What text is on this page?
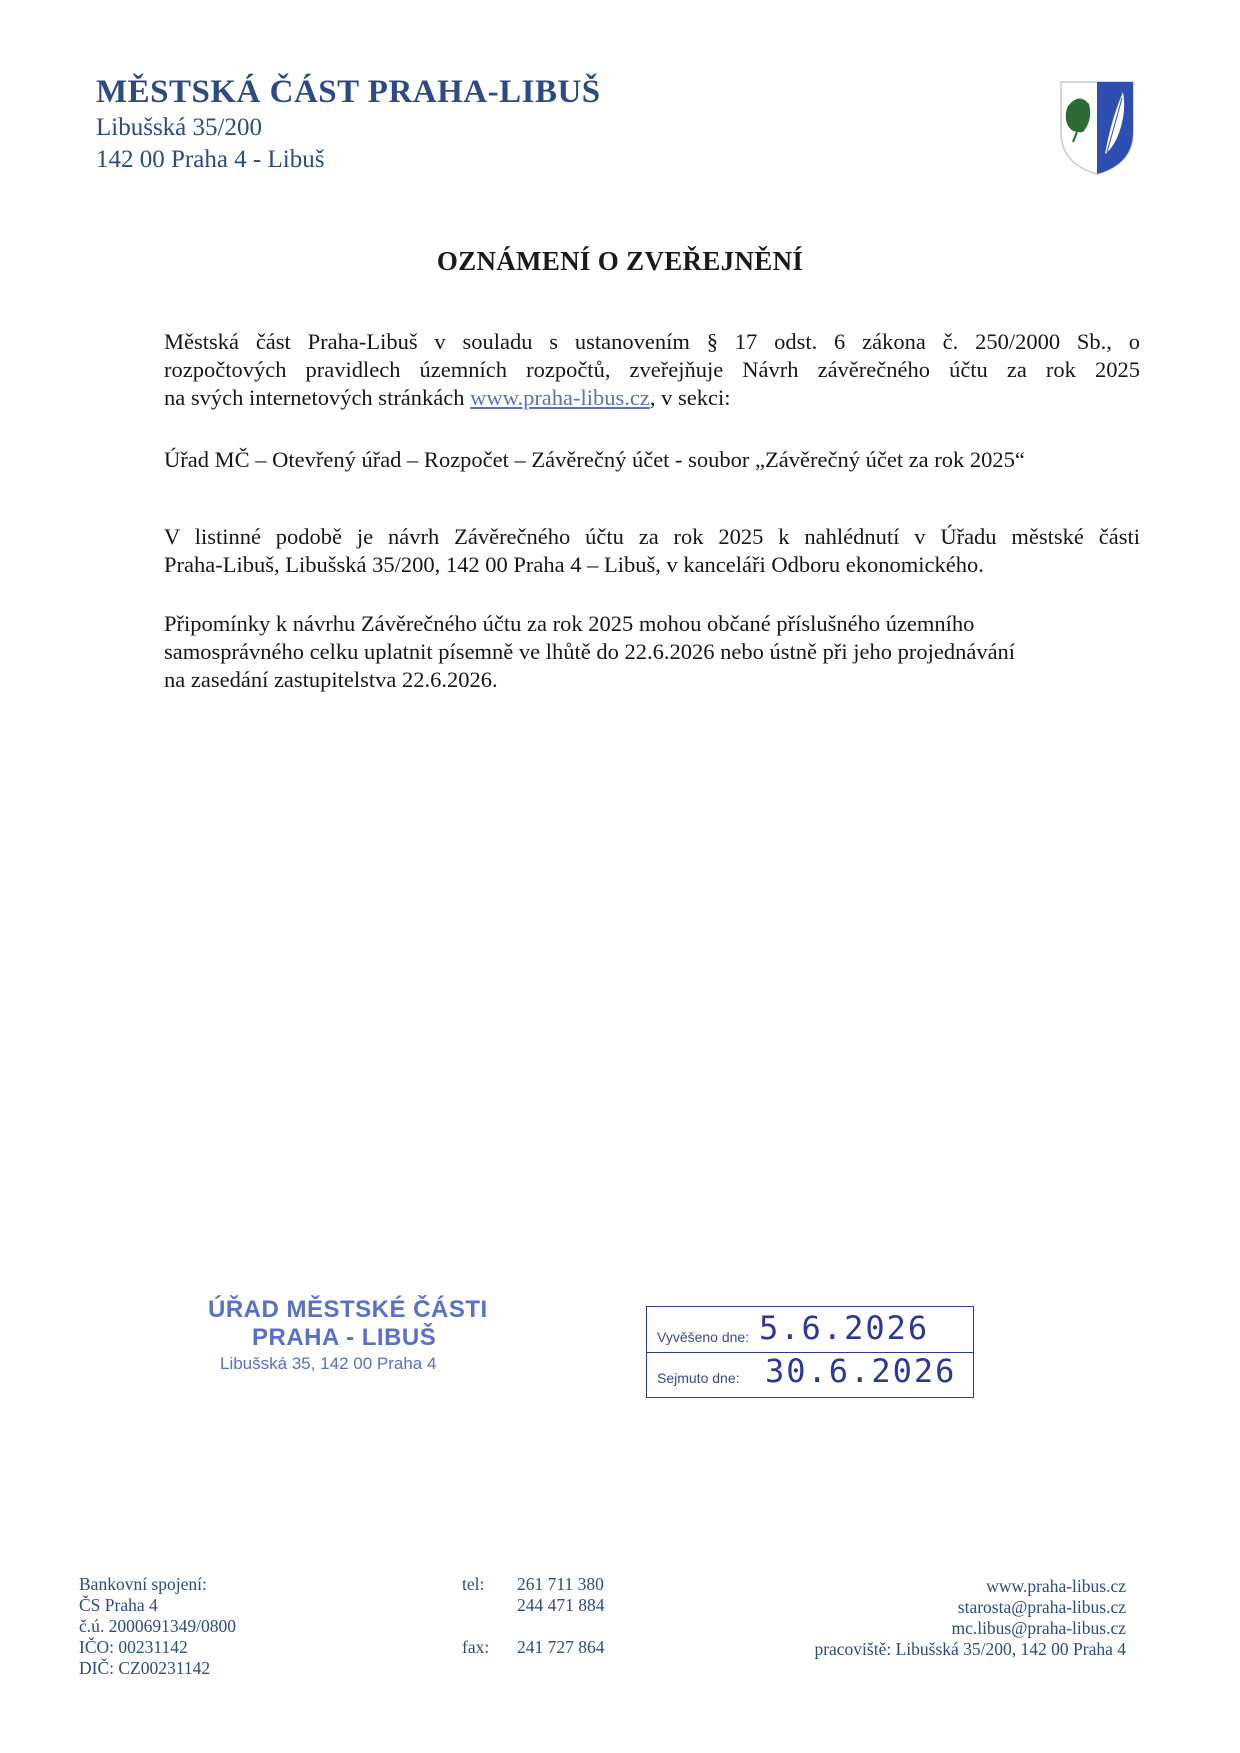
MĚSTSKÁ ČÁST PRAHA-LIBUŠ
Libušská 35/200
142 00 Praha 4 - Libuš
OZNÁMENÍ O ZVEŘEJNĚNÍ
Městská část Praha-Libuš v souladu s ustanovením § 17 odst. 6 zákona č. 250/2000 Sb., o
rozpočtových pravidlech územních rozpočtů, zveřejňuje Návrh závěrečného účtu za rok 2025
na svých internetových stránkách www.praha-libus.cz, v sekci:
Úřad MČ – Otevřený úřad – Rozpočet – Závěrečný účet - soubor „Závěrečný účet za rok 2025“
V listinné podobě je návrh Závěrečného účtu za rok 2025 k nahlédnutí v Úřadu městské části
Praha-Libuš, Libušská 35/200, 142 00 Praha 4 – Libuš, v kanceláři Odboru ekonomického.
Připomínky k návrhu Závěrečného účtu za rok 2025 mohou občané příslušného územního
samosprávného celku uplatnit písemně ve lhůtě do 22.6.2026 nebo ústně při jeho projednávání
na zasedání zastupitelstva 22.6.2026.
ÚŘAD MĚSTSKÉ ČÁSTI
PRAHA - LIBUŠ
Libušská 35, 142 00 Praha 4
Vyvěšeno dne: 5.6.2026
Sejmuto dne: 30.6.2026
Bankovní spojení:
ČS Praha 4
č.ú. 2000691349/0800
IČO: 00231142
DIČ: CZ00231142
tel: 261 711 380
244 471 884
fax: 241 727 864
www.praha-libus.cz
starosta@praha-libus.cz
mc.libus@praha-libus.cz
pracoviště: Libušská 35/200, 142 00 Praha 4
